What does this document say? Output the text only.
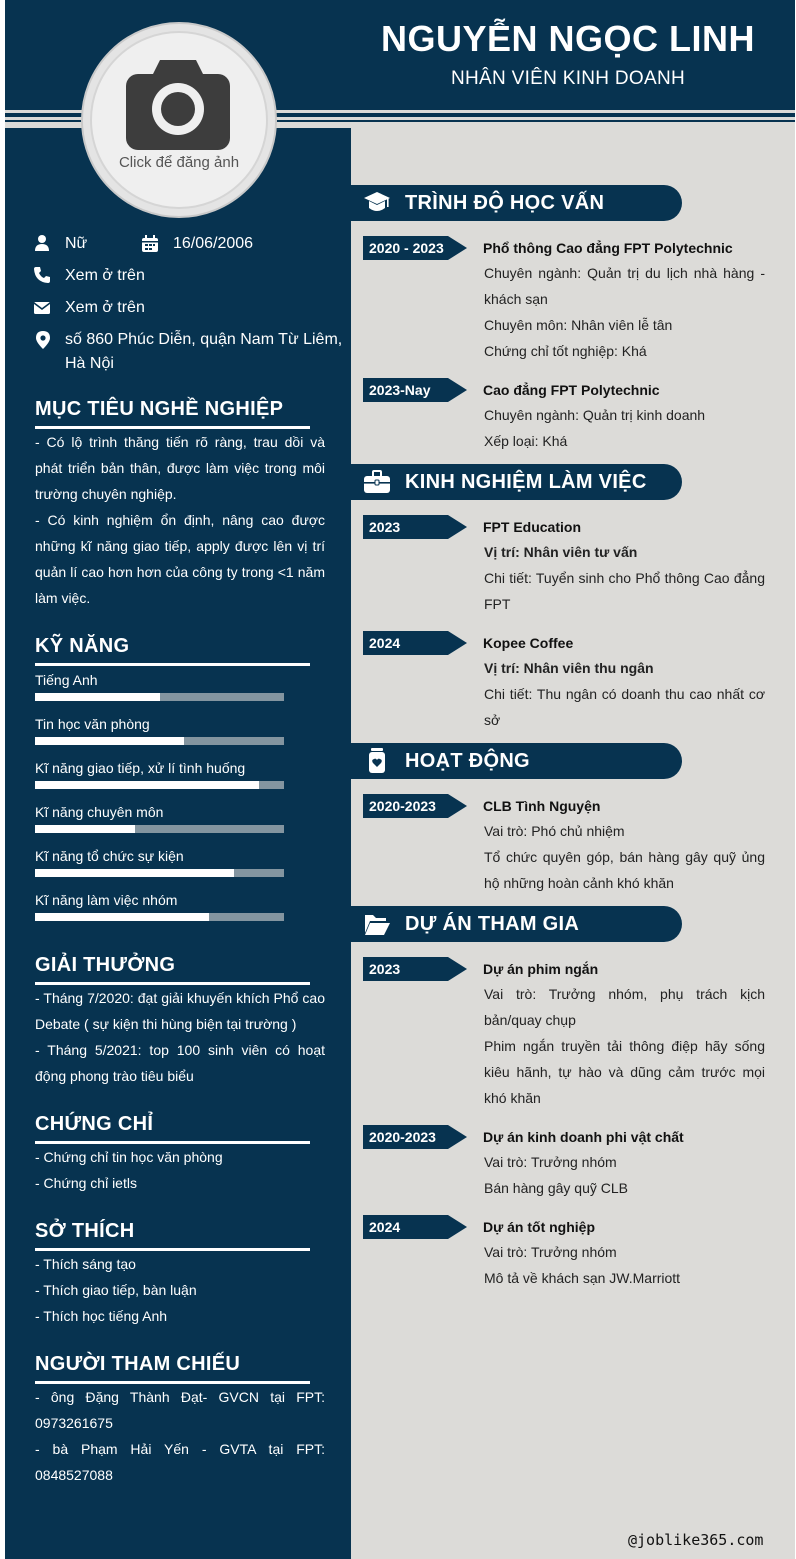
NGUYỄN NGỌC LINH
NHÂN VIÊN KINH DOANH
Nữ	16/06/2006
Xem ở trên
Xem ở trên
số 860 Phúc Diễn, quận Nam Từ Liêm, Hà Nội
MỤC TIÊU NGHỀ NGHIỆP

- Có lộ trình thăng tiến rõ ràng, trau dồi và phát triển bản thân, được làm việc trong môi trường chuyên nghiệp.

- Có kinh nghiệm ổn định, nâng cao được những kĩ năng giao tiếp, apply được lên vị trí quản lí cao hơn hơn của công ty trong <1 năm làm việc.

KỸ NĂNG
Tiếng Anh
Tin học văn phòng
Kĩ năng giao tiếp, xử lí tình huống
Kĩ năng chuyên môn
Kĩ năng tổ chức sự kiện
Kĩ năng làm việc nhóm
GIẢI THƯỞNG

- Tháng 7/2020: đạt giải khuyến khích Phổ cao Debate ( sự kiện thi hùng biện tại trường )

- Tháng 5/2021: top 100 sinh viên có hoạt động phong trào tiêu biểu

CHỨNG CHỈ

- Chứng chỉ tin học văn phòng

- Chứng chỉ ietls

SỞ THÍCH

- Thích sáng tạo

- Thích giao tiếp, bàn luận

- Thích học tiếng Anh

NGƯỜI THAM CHIẾU

- ông Đặng Thành Đạt- GVCN tại FPT: 0973261675

- bà Phạm Hải Yến - GVTA tại FPT: 0848527088

Click để đăng ảnh
TRÌNH ĐỘ HỌC VẤN
2020 - 2023	Phổ thông Cao đẳng FPT Polytechnic

Chuyên ngành: Quản trị du lịch nhà hàng - khách sạn

Chuyên môn: Nhân viên lễ tân

Chứng chỉ tốt nghiệp: Khá

2023-Nay	Cao đẳng FPT Polytechnic

Chuyên ngành: Quản trị kinh doanh

Xếp loại: Khá

KINH NGHIỆM LÀM VIỆC
2023	FPT Education

Vị trí: Nhân viên tư vấn

Chi tiết: Tuyển sinh cho Phổ thông Cao đẳng FPT

2024	Kopee Coffee

Vị trí: Nhân viên thu ngân

Chi tiết: Thu ngân có doanh thu cao nhất cơ sở

HOẠT ĐỘNG
2020-2023	CLB Tình Nguyện

Vai trò: Phó chủ nhiệm

Tổ chức quyên góp, bán hàng gây quỹ ủng hộ những hoàn cảnh khó khăn

DỰ ÁN THAM GIA
2023	Dự án phim ngắn

Vai trò: Trưởng nhóm, phụ trách kịch bản/quay chụp

Phim ngắn truyền tải thông điệp hãy sống kiêu hãnh, tự hào và dũng cảm trước mọi khó khăn

2020-2023	Dự án kinh doanh phi vật chất

Vai trò: Trưởng nhóm

Bán hàng gây quỹ CLB

2024	Dự án tốt nghiệp

Vai trò: Trưởng nhóm

Mô tả về khách sạn JW.Marriott

@joblike365.com
